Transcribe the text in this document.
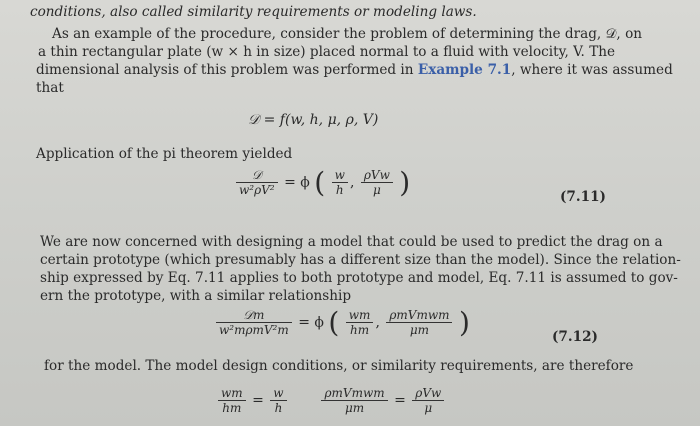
conditions, also called similarity requirements or modeling laws.
As an example of the procedure, consider the problem of determining the drag, 𝒟, on
a thin rectangular plate (w × h in size) placed normal to a fluid with velocity, V. The
dimensional analysis of this problem was performed in Example 7.1, where it was assumed
that
𝒟 = f(w, h, μ, ρ, V)
Application of the pi theorem yielded
$\frac{\text{𝒟}}{\text{w²ρV²}} = \phi$ ( $\frac{w}{h}$ , $\frac{\text{ρVw}}{\mu}$ )	(7.11)
We are now concerned with designing a model that could be used to predict the drag on a
certain prototype (which presumably has a different size than the model). Since the relation-
ship expressed by Eq. 7.11 applies to both prototype and model, Eq. 7.11 is assumed to gov-
ern the prototype, with a similar relationship
$\frac{\text{𝒟m}}{\text{w²mρmV²m}} = \phi$ ( $\frac{wm}{hm}$ , $\frac{\text{ρmVmwm}}{\mu m}$ )	(7.12)
for the model. The model design conditions, or similarity requirements, are therefore
$\frac{wm}{hm} = \frac{w}{h}$
	$\frac{\text{ρmVmwm}}{\mu m} = \frac{\text{ρVw}}{\mu}$
